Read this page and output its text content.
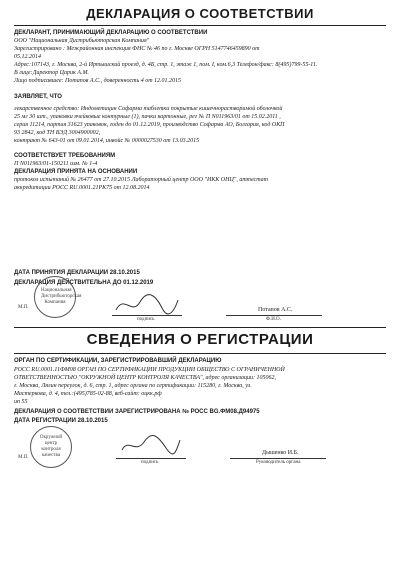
ДЕКЛАРАЦИЯ О СООТВЕТСТВИИ
ДЕКЛАРАНТ, ПРИНИМАЮЩИЙ ДЕКЛАРАЦИЮ О СООТВЕТСТВИИ
ООО "Национальная Дистрибьюторская Компания"
Зарегистрировано : Межрайонная инспекция ФНС № 46 по г. Москве ОГРН 5147746459890 от
05.12.2014
Адрес:107143, г. Москва, 2-й Иртышский проезд, д. 4Б, стр. 1, этаж 1, пом. I, ком.6,3 Телефон/факс: 8(495)799-55-11.
В лице:Директор Царик А.М.
Лицо подписавшее: Потапов А.С., доверенность 4 от 12.01.2015
ЗАЯВЛЯЕТ, ЧТО
лекарственное средство: Индометацин Софарма таблетки покрытые кишечнорастворимой оболочкой
25 мг 30 шт., упаковки ячейковые контурные (1), пачки картонные, рег № П N011963/01 от 15.02.2011 ,
серия 11214, партия 31623 упаковок, годен до 01.12.2019, производство Софарма АО, Болгария, код ОКП
93 2842, код ТН ВЭД 3004900002,
контракт № 643-01 от 09.01.2014, инвойс № 0000027530 от 13.03.2015
СООТВЕТСТВУЕТ ТРЕБОВАНИЯМ
П N011963/01-150211 изм. № 1-4
ДЕКЛАРАЦИЯ ПРИНЯТА НА ОСНОВАНИИ
протокол испытаний № 26477 от 27.10.2015 Лабораторный центр ООО "ИКК ОНЦ", аттестат
аккредитации РОСС RU.0001.21РК75 от 12.08.2014
ДАТА ПРИНЯТИЯ ДЕКЛАРАЦИИ 28.10.2015
ДЕКЛАРАЦИЯ ДЕЙСТВИТЕЛЬНА ДО 01.12.2019
Национальная Дистрибьюторская Компания
М.П.
подпись
Потапов А.С.
Ф.И.О.
СВЕДЕНИЯ О РЕГИСТРАЦИИ
ОРГАН ПО СЕРТИФИКАЦИИ, ЗАРЕГИСТРИРОВАВШИЙ ДЕКЛАРАЦИЮ
РОСС RU.0001.11ФМ08 ОРГАН ПО СЕРТИФИКАЦИИ ПРОДУКЦИИ ОБЩЕСТВО С ОГРАНИЧЕННОЙ
ОТВЕТСТВЕННОСТЬЮ "ОКРУЖНОЙ ЦЕНТР КОНТРОЛЯ КАЧЕСТВА", адрес организации: 105062,
г. Москва, Лялин переулок, д. 6, стр. 1, адрес органа по сертификации: 115280, г. Москва, ул.
Мастеркова, д. 4, тел.:(495)785-02-88, веб-сайт: оцкк.рф
ип 55
ДЕКЛАРАЦИЯ О СООТВЕТСТВИИ ЗАРЕГИСТРИРОВАНА № РОСС BG.ФМ08.Д94975
ДАТА РЕГИСТРАЦИИ 28.10.2015
Окружной центр контроля качества
М.П.
подпись
Дышенко И.Б.
Руководитель органа
